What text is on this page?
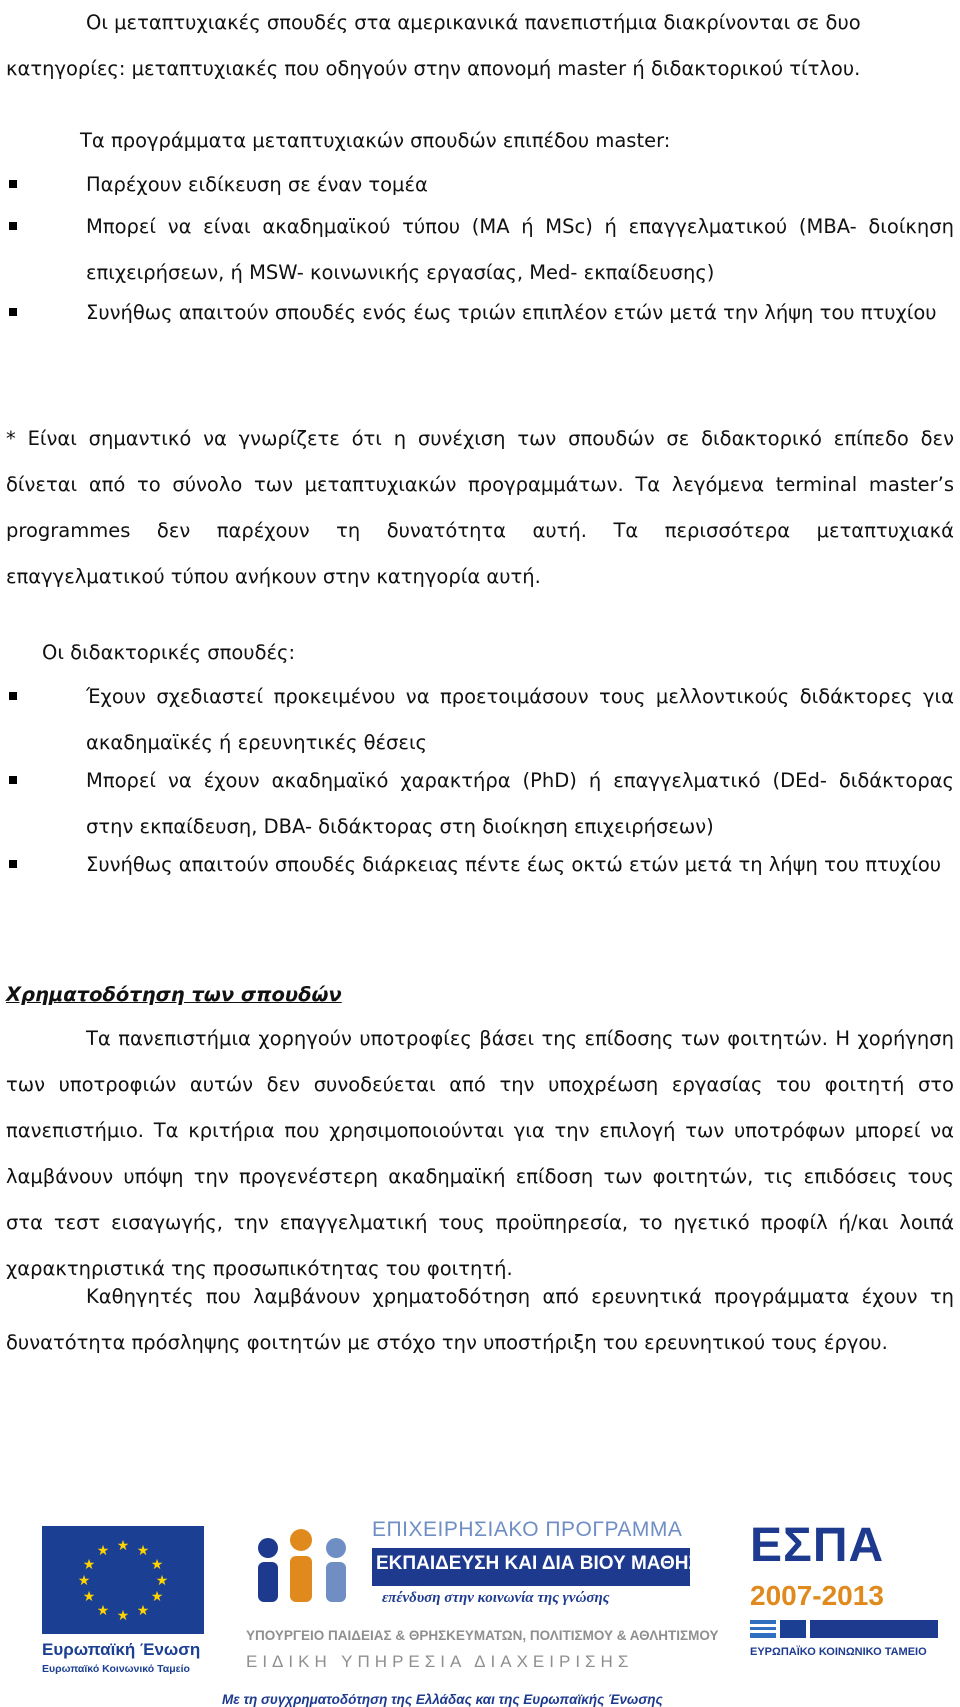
Οι μεταπτυχιακές σπουδές στα αμερικανικά πανεπιστήμια διακρίνονται σε δυο

κατηγορίες: μεταπτυχιακές που οδηγούν στην απονομή master ή διδακτορικού τίτλου.

Τα προγράμματα μεταπτυχιακών σπουδών επιπέδου master:

Παρέχουν ειδίκευση σε έναν τομέα

Μπορεί να είναι ακαδημαϊκού τύπου (MA ή MSc) ή επαγγελματικού (MBA- διοίκηση επιχειρήσεων, ή MSW- κοινωνικής εργασίας, Med- εκπαίδευσης)

Συνήθως απαιτούν σπουδές ενός έως τριών επιπλέον ετών μετά την λήψη του πτυχίου

* Είναι σημαντικό να γνωρίζετε ότι η συνέχιση των σπουδών σε διδακτορικό επίπεδο δεν δίνεται από το σύνολο των μεταπτυχιακών προγραμμάτων. Τα λεγόμενα terminal master’s programmes δεν παρέχουν τη δυνατότητα αυτή. Τα περισσότερα μεταπτυχιακά επαγγελματικού τύπου ανήκουν στην κατηγορία αυτή.

Οι διδακτορικές σπουδές:

Έχουν σχεδιαστεί προκειμένου να προετοιμάσουν τους μελλοντικούς διδάκτορες για ακαδημαϊκές ή ερευνητικές θέσεις

Μπορεί να έχουν ακαδημαϊκό χαρακτήρα (PhD) ή επαγγελματικό (DEd- διδάκτορας στην εκπαίδευση, DBA- διδάκτορας στη διοίκηση επιχειρήσεων)

Συνήθως απαιτούν σπουδές διάρκειας πέντε έως οκτώ ετών μετά τη λήψη του πτυχίου

Χρηματοδότηση των σπουδών

Τα πανεπιστήμια χορηγούν υποτροφίες βάσει της επίδοσης των φοιτητών. Η χορήγηση των υποτροφιών αυτών δεν συνοδεύεται από την υποχρέωση εργασίας του φοιτητή στο πανεπιστήμιο. Τα κριτήρια που χρησιμοποιούνται για την επιλογή των υποτρόφων μπορεί να λαμβάνουν υπόψη την προγενέστερη ακαδημαϊκή επίδοση των φοιτητών, τις επιδόσεις τους στα τεστ εισαγωγής, την επαγγελματική τους προϋπηρεσία, το ηγετικό προφίλ ή/και λοιπά χαρακτηριστικά της προσωπικότητας του φοιτητή.

Καθηγητές που λαμβάνουν χρηματοδότηση από ερευνητικά προγράμματα έχουν τη δυνατότητα πρόσληψης φοιτητών με στόχο την υποστήριξη του ερευνητικού τους έργου.

★ ★
★
★
★
★
★
★
★
★
★
★

Ευρωπαϊκή Ένωση

Ευρωπαϊκό Κοινωνικό Ταμείο

ΕΠΙΧΕΙΡΗΣΙΑΚΟ ΠΡΟΓΡΑΜΜΑ

ΕΚΠΑΙΔΕΥΣΗ ΚΑΙ ΔΙΑ ΒΙΟΥ ΜΑΘΗΣΗ

επένδυση στην κοινωνία της γνώσης

ΥΠΟΥΡΓΕΙΟ ΠΑΙΔΕΙΑΣ & ΘΡΗΣΚΕΥΜΑΤΩΝ, ΠΟΛΙΤΙΣΜΟΥ & ΑΘΛΗΤΙΣΜΟΥ

ΕΙΔΙΚΗ ΥΠΗΡΕΣΙΑ ΔΙΑΧΕΙΡΙΣΗΣ

ΕΣΠΑ

2007-2013

ΕΥΡΩΠΑΪΚΟ ΚΟΙΝΩΝΙΚΟ ΤΑΜΕΙΟ

Με τη συγχρηματοδότηση της Ελλάδας και της Ευρωπαϊκής Ένωσης
